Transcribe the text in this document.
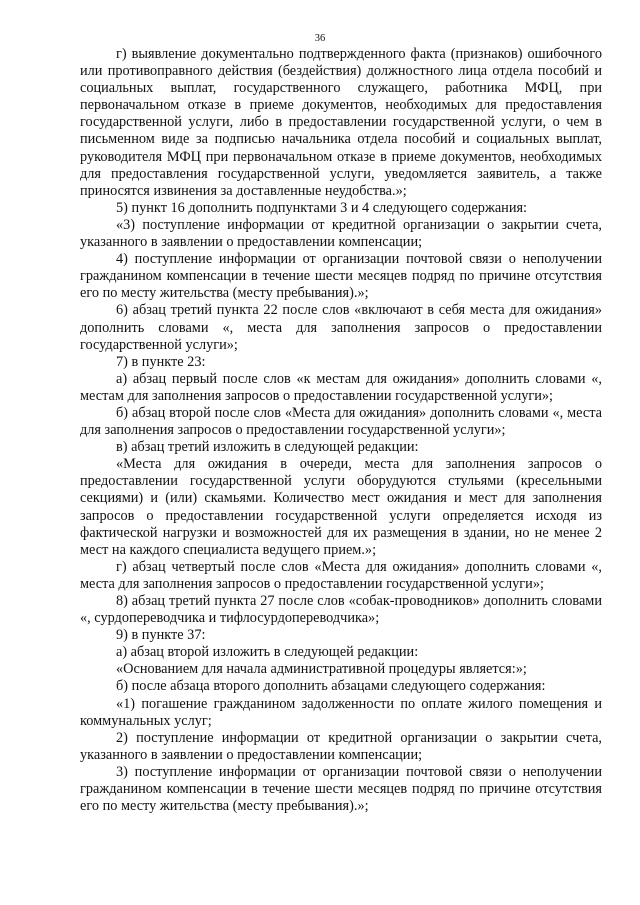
36

г) выявление документально подтвержденного факта (признаков) ошибочного или противоправного действия (бездействия) должностного лица отдела пособий и социальных выплат, государственного служащего, работника МФЦ, при первоначальном отказе в приеме документов, необходимых для предоставления государственной услуги, либо в предоставлении государственной услуги, о чем в письменном виде за подписью начальника отдела пособий и социальных выплат, руководителя МФЦ при первоначальном отказе в приеме документов, необходимых для предоставления государственной услуги, уведомляется заявитель, а также приносятся извинения за доставленные неудобства.»;

5) пункт 16 дополнить подпунктами 3 и 4 следующего содержания:

«3) поступление информации от кредитной организации о закрытии счета, указанного в заявлении о предоставлении компенсации;

4) поступление информации от организации почтовой связи о неполучении гражданином компенсации в течение шести месяцев подряд по причине отсутствия его по месту жительства (месту пребывания).»;

6) абзац третий пункта 22 после слов «включают в себя места для ожидания» дополнить словами «, места для заполнения запросов о предоставлении государственной услуги»;

7) в пункте 23:

а) абзац первый после слов «к местам для ожидания» дополнить словами «, местам для заполнения запросов о предоставлении государственной услуги»;

б) абзац второй после слов «Места для ожидания» дополнить словами «, места для заполнения запросов о предоставлении государственной услуги»;

в) абзац третий изложить в следующей редакции:

«Места для ожидания в очереди, места для заполнения запросов о предоставлении государственной услуги оборудуются стульями (кресельными секциями) и (или) скамьями. Количество мест ожидания и мест для заполнения запросов о предоставлении государственной услуги определяется исходя из фактической нагрузки и возможностей для их размещения в здании, но не менее 2 мест на каждого специалиста ведущего прием.»;

г) абзац четвертый после слов «Места для ожидания» дополнить словами «, места для заполнения запросов о предоставлении государственной услуги»;

8) абзац третий пункта 27 после слов «собак-проводников» дополнить словами «, сурдопереводчика и тифлосурдопереводчика»;

9) в пункте 37:

а) абзац второй изложить в следующей редакции:

«Основанием для начала административной процедуры является:»;

б) после абзаца второго дополнить абзацами следующего содержания:

«1) погашение гражданином задолженности по оплате жилого помещения и коммунальных услуг;

2) поступление информации от кредитной организации о закрытии счета, указанного в заявлении о предоставлении компенсации;

3) поступление информации от организации почтовой связи о неполучении гражданином компенсации в течение шести месяцев подряд по причине отсутствия его по месту жительства (месту пребывания).»;
